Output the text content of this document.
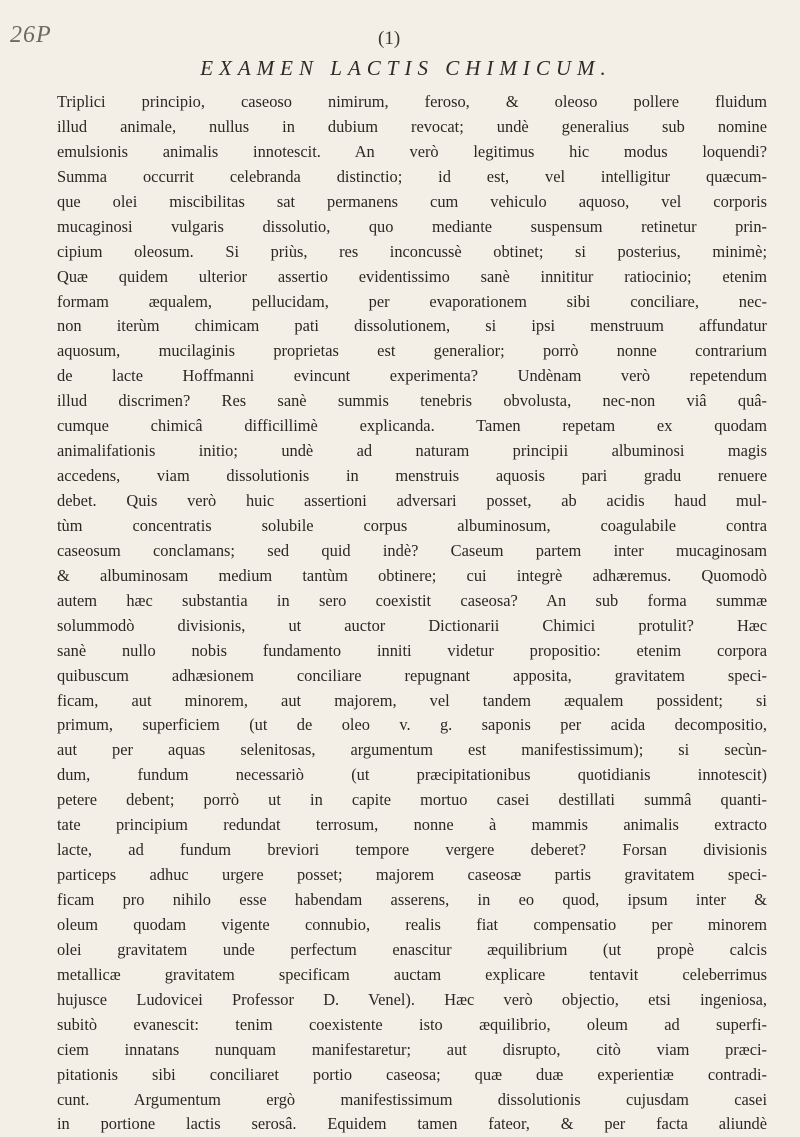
26P	(1)
EXAMEN LACTIS CHIMICUM.
Triplici principio, caseoso nimirum, feroso, & oleoso pollere fluidum
illud animale, nullus in dubium revocat; undè generalius sub nomine
emulsionis animalis innotescit. An verò legitimus hic modus loquendi?
Summa occurrit celebranda distinctio; id est, vel intelligitur quæcum-
que olei miscibilitas sat permanens cum vehiculo aquoso, vel corporis
mucaginosi vulgaris dissolutio, quo mediante suspensum retinetur prin-
cipium oleosum. Si priùs, res inconcussè obtinet; si posterius, minimè;
Quæ quidem ulterior assertio evidentissimo sanè innititur ratiocinio; etenim
formam æqualem, pellucidam, per evaporationem sibi conciliare, nec-
non iterùm chimicam pati dissolutionem, si ipsi menstruum affundatur
aquosum, mucilaginis proprietas est generalior; porrò nonne contrarium
de lacte Hoffmanni evincunt experimenta? Undènam verò repetendum
illud discrimen? Res sanè summis tenebris obvolusta, nec-non viâ quâ-
cumque chimicâ difficillimè explicanda. Tamen repetam ex quodam
animalifationis initio; undè ad naturam principii albuminosi magis
accedens, viam dissolutionis in menstruis aquosis pari gradu renuere
debet. Quis verò huic assertioni adversari posset, ab acidis haud mul-
tùm concentratis solubile corpus albuminosum, coagulabile contra
caseosum conclamans; sed quid indè? Caseum partem inter mucaginosam
& albuminosam medium tantùm obtinere; cui integrè adhæremus. Quomodò
autem hæc substantia in sero coexistit caseosa? An sub forma summæ
solummodò divisionis, ut auctor Dictionarii Chimici protulit? Hæc
sanè nullo nobis fundamento inniti videtur propositio: etenim corpora
quibuscum adhæsionem conciliare repugnant apposita, gravitatem speci-
ficam, aut minorem, aut majorem, vel tandem æqualem possident; si
primum, superficiem (ut de oleo v. g. saponis per acida decompositio,
aut per aquas selenitosas, argumentum est manifestissimum); si secùn-
dum, fundum necessariò (ut præcipitationibus quotidianis innotescit)
petere debent; porrò ut in capite mortuo casei destillati summâ quanti-
tate principium redundat terrosum, nonne à mammis animalis extracto
lacte, ad fundum breviori tempore vergere deberet? Forsan divisionis
particeps adhuc urgere posset; majorem caseosæ partis gravitatem speci-
ficam pro nihilo esse habendam asserens, in eo quod, ipsum inter &
oleum quodam vigente connubio, realis fiat compensatio per minorem
olei gravitatem unde perfectum enascitur æquilibrium (ut propè calcis
metallicæ gravitatem specificam auctam explicare tentavit celeberrimus
hujusce Ludovicei Professor D. Venel). Hæc verò objectio, etsi ingeniosa,
subitò evanescit: tenim coexistente isto æquilibrio, oleum ad superfi-
ciem innatans nunquam manifestaretur; aut disrupto, citò viam præci-
pitationis sibi conciliaret portio caseosa; quæ duæ experientiæ contradi-
cunt. Argumentum ergò manifestissimum dissolutionis cujusdam casei
in portione lactis serosâ. Equidem tamen fateor, & per facta aliundè
